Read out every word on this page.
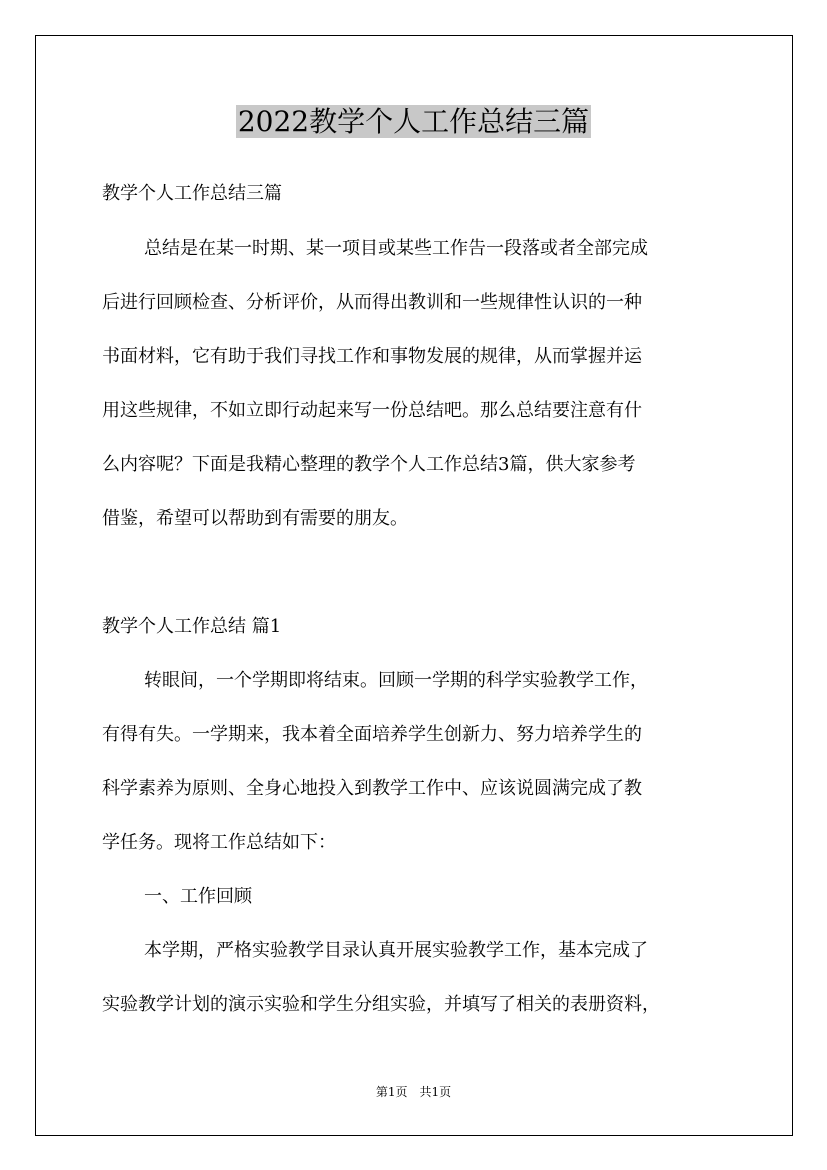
2022教学个人工作总结三篇

教学个人工作总结三篇

总结是在某一时期、某一项目或某些工作告一段落或者全部完成

后进行回顾检查、分析评价，从而得出教训和一些规律性认识的一种

书面材料，它有助于我们寻找工作和事物发展的规律，从而掌握并运

用这些规律，不如立即行动起来写一份总结吧。那么总结要注意有什

么内容呢？下面是我精心整理的教学个人工作总结3篇，供大家参考

借鉴，希望可以帮助到有需要的朋友。

教学个人工作总结 篇1

转眼间，一个学期即将结束。回顾一学期的科学实验教学工作，

有得有失。一学期来，我本着全面培养学生创新力、努力培养学生的

科学素养为原则、全身心地投入到教学工作中、应该说圆满完成了教

学任务。现将工作总结如下：

一、工作回顾

本学期，严格实验教学目录认真开展实验教学工作，基本完成了

实验教学计划的演示实验和学生分组实验，并填写了相关的表册资料，

第1页　共1页
